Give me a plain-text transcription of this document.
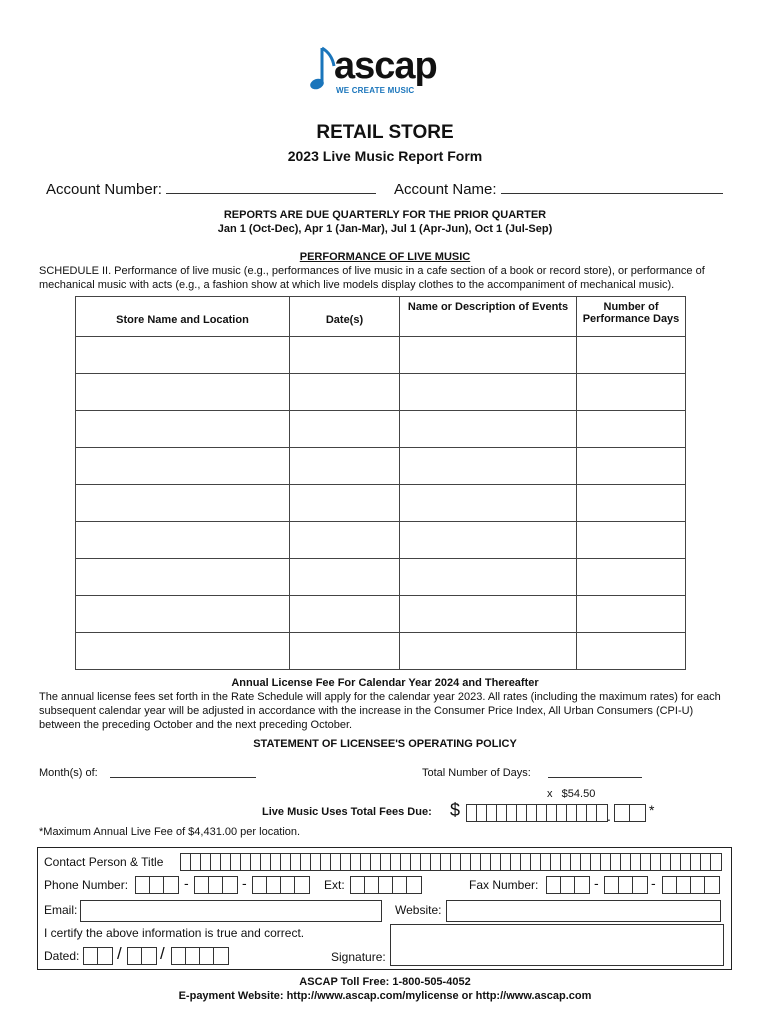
ascap
WE CREATE MUSIC
RETAIL STORE
2023 Live Music Report Form
Account Number:	Account Name:
REPORTS ARE DUE QUARTERLY FOR THE PRIOR QUARTER
Jan 1 (Oct-Dec), Apr 1 (Jan-Mar), Jul 1 (Apr-Jun), Oct 1 (Jul-Sep)
PERFORMANCE OF LIVE MUSIC
SCHEDULE II. Performance of live music (e.g., performances of live music in a cafe section of a book or record store), or performance of
mechanical music with acts (e.g., a fashion show at which live models display clothes to the accompaniment of mechanical music).
Store Name and Location	Date(s)	Name or Description of Events	Number of Performance Days

Annual License Fee For Calendar Year 2024 and Thereafter
The annual license fees set forth in the Rate Schedule will apply for the calendar year 2023. All rates (including the maximum rates) for each
subsequent calendar year will be adjusted in accordance with the increase in the Consumer Price Index, All Urban Consumers (CPI-U)
between the preceding October and the next preceding October.
STATEMENT OF LICENSEE'S OPERATING POLICY
Month(s) of:	Total Number of Days:
x   $54.50
Live Music Uses Total Fees Due: $	.	*
*Maximum Annual Live Fee of $4,431.00 per location.
Contact Person & Title
Phone Number:	-	-	Ext:	Fax Number:	-	-
Email:	Website:
I certify the above information is true and correct.
Dated: / /	Signature:
ASCAP Toll Free: 1-800-505-4052
E-payment Website: http://www.ascap.com/mylicense or http://www.ascap.com
